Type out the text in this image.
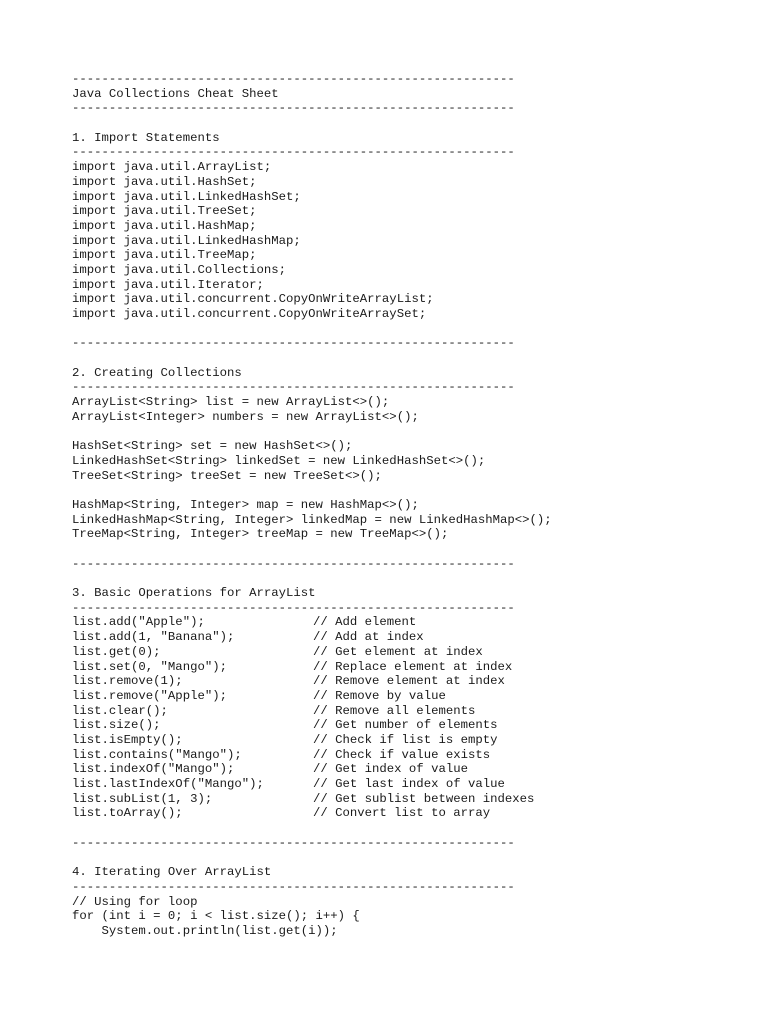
------------------------------------------------------------
Java Collections Cheat Sheet
------------------------------------------------------------
1. Import Statements
------------------------------------------------------------
import java.util.ArrayList;
import java.util.HashSet;
import java.util.LinkedHashSet;
import java.util.TreeSet;
import java.util.HashMap;
import java.util.LinkedHashMap;
import java.util.TreeMap;
import java.util.Collections;
import java.util.Iterator;
import java.util.concurrent.CopyOnWriteArrayList;
import java.util.concurrent.CopyOnWriteArraySet;
------------------------------------------------------------
2. Creating Collections
------------------------------------------------------------
ArrayList<String> list = new ArrayList<>();
ArrayList<Integer> numbers = new ArrayList<>();
HashSet<String> set = new HashSet<>();
LinkedHashSet<String> linkedSet = new LinkedHashSet<>();
TreeSet<String> treeSet = new TreeSet<>();
HashMap<String, Integer> map = new HashMap<>();
LinkedHashMap<String, Integer> linkedMap = new LinkedHashMap<>();
TreeMap<String, Integer> treeMap = new TreeMap<>();
------------------------------------------------------------
3. Basic Operations for ArrayList
------------------------------------------------------------
list.add("Apple");	// Add element
list.add(1, "Banana");	// Add at index
list.get(0);	// Get element at index
list.set(0, "Mango");	// Replace element at index
list.remove(1);	// Remove element at index
list.remove("Apple");	// Remove by value
list.clear();	// Remove all elements
list.size();	// Get number of elements
list.isEmpty();	// Check if list is empty
list.contains("Mango");	// Check if value exists
list.indexOf("Mango");	// Get index of value
list.lastIndexOf("Mango");	// Get last index of value
list.subList(1, 3);	// Get sublist between indexes
list.toArray();	// Convert list to array
------------------------------------------------------------
4. Iterating Over ArrayList
------------------------------------------------------------
// Using for loop
for (int i = 0; i < list.size(); i++) {
System.out.println(list.get(i));
